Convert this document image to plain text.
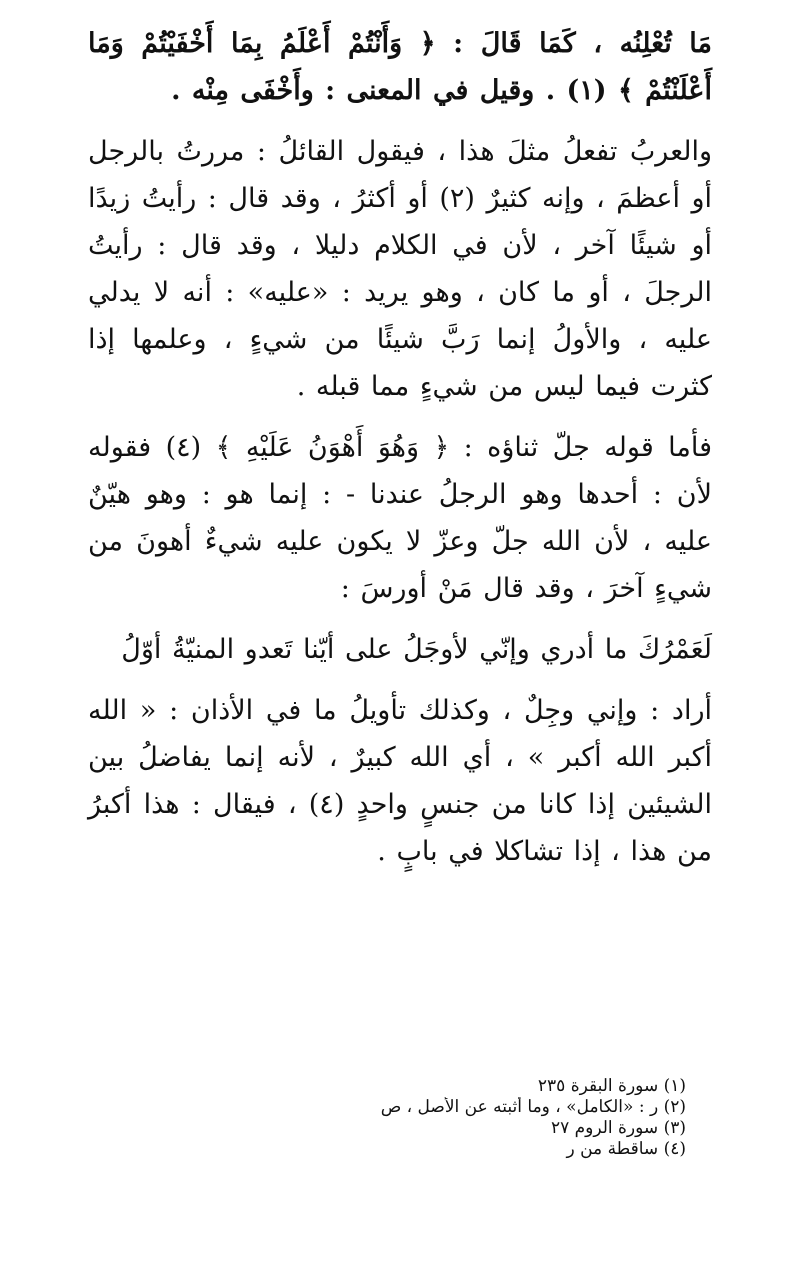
مَا تُعْلِنُه ، كَمَا قَالَ : ﴿ وَأَنْتُمْ أَعْلَمُ بِمَا أَخْفَيْتُمْ وَمَا أَعْلَنْتُمْ ﴾ (١) . وقيل في المعنى : وأَخْفَى مِنْه .

والعربُ تفعلُ مثلَ هذا ، فيقول القائلُ : مررتُ بالرجل أو أعظمَ ، وإنه كثيرٌ (٢) أو أكثرُ ، وقد قال : رأيتُ زيدًا أو شيئًا آخر ، لأن في الكلام دليلا ، وقد قال : رأيتُ الرجلَ ، أو ما كان ، وهو يريد : «عليه» : أنه لا يدلي عليه ، والأولُ إنما رَبَّ شيئًا من شيءٍ ، وعلمها إذا كثرت فيما ليس من شيءٍ مما قبله .

فأما قوله جلّ ثناؤه : ﴿ وَهُوَ أَهْوَنُ عَلَيْهِ ﴾ (٤) فقوله لأن : أحدها وهو الرجلُ عندنا - : إنما هو : وهو هيّنٌ عليه ، لأن الله جلّ وعزّ لا يكون عليه شيءٌ أهونَ من شيءٍ آخرَ ، وقد قال مَنْ أورسَ :

لَعَمْرُكَ ما أدري وإنّي لأوجَلُ على أيّنا تَعدو المنيّةُ أوّلُ

أراد : وإني وجِلٌ ، وكذلك تأويلُ ما في الأذان : « الله أكبر الله أكبر » ، أي الله كبيرٌ ، لأنه إنما يفاضلُ بين الشيئين إذا كانا من جنسٍ واحدٍ (٤) ، فيقال : هذا أكبرُ من هذا ، إذا تشاكلا في بابٍ .

(١) سورة البقرة ٢٣٥
(٢) ر : «الكامل» ، وما أثبته عن الأصل ، ص
(٣) سورة الروم ٢٧
(٤) ساقطة من ر
